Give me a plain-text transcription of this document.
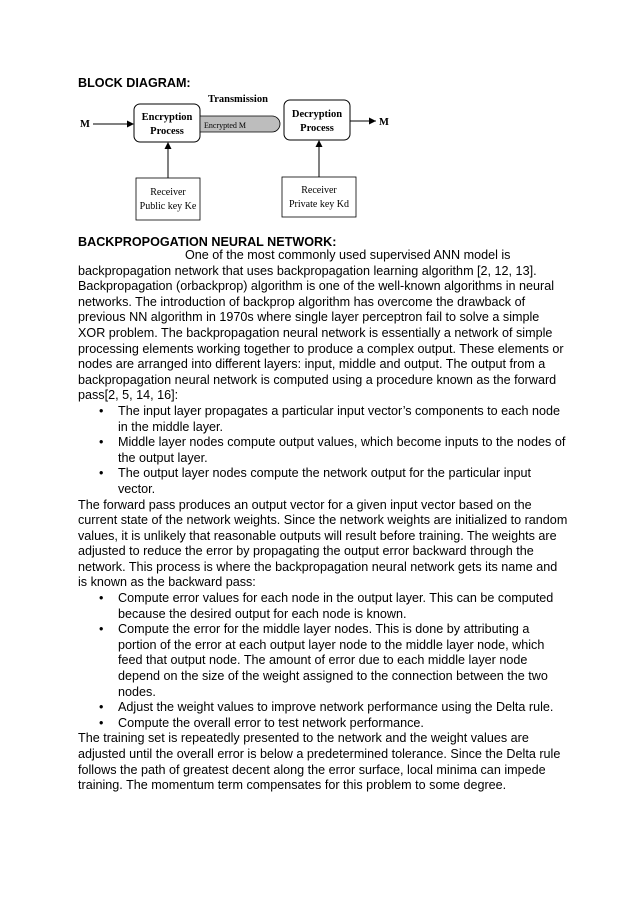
BLOCK DIAGRAM:
Transmission
M
Encryption
Process
Encrypted M
Decryption
Process
M
Receiver
Public key Ke
Receiver
Private key Kd
BACKPROPOGATION NEURAL NETWORK:

One of the most commonly used supervised ANN model is

backpropagation network that uses backpropagation learning algorithm [2, 12, 13]. Backpropagation (orbackprop) algorithm is one of the well-known algorithms in neural networks. The introduction of backprop algorithm has overcome the drawback of previous NN algorithm in 1970s where single layer perceptron fail to solve a simple XOR problem. The backpropagation neural network is essentially a network of simple processing elements working together to produce a complex output. These elements or nodes are arranged into different layers: input, middle and output. The output from a backpropagation neural network is computed using a procedure known as the forward pass[2, 5, 14, 16]:

• The input layer propagates a particular input vector’s components to each node in the middle layer.
• Middle layer nodes compute output values, which become inputs to the nodes of the output layer.
• The output layer nodes compute the network output for the particular input vector.

The forward pass produces an output vector for a given input vector based on the current state of the network weights. Since the network weights are initialized to random values, it is unlikely that reasonable outputs will result before training. The weights are adjusted to reduce the error by propagating the output error backward through the network. This process is where the backpropagation neural network gets its name and is known as the backward pass:

• Compute error values for each node in the output layer. This can be computed because the desired output for each node is known.
• Compute the error for the middle layer nodes. This is done by attributing a portion of the error at each output layer node to the middle layer node, which feed that output node. The amount of error due to each middle layer node depend on the size of the weight assigned to the connection between the two nodes.
• Adjust the weight values to improve network performance using the Delta rule.
• Compute the overall error to test network performance.

The training set is repeatedly presented to the network and the weight values are adjusted until the overall error is below a predetermined tolerance. Since the Delta rule follows the path of greatest decent along the error surface, local minima can impede training. The momentum term compensates for this problem to some degree.
